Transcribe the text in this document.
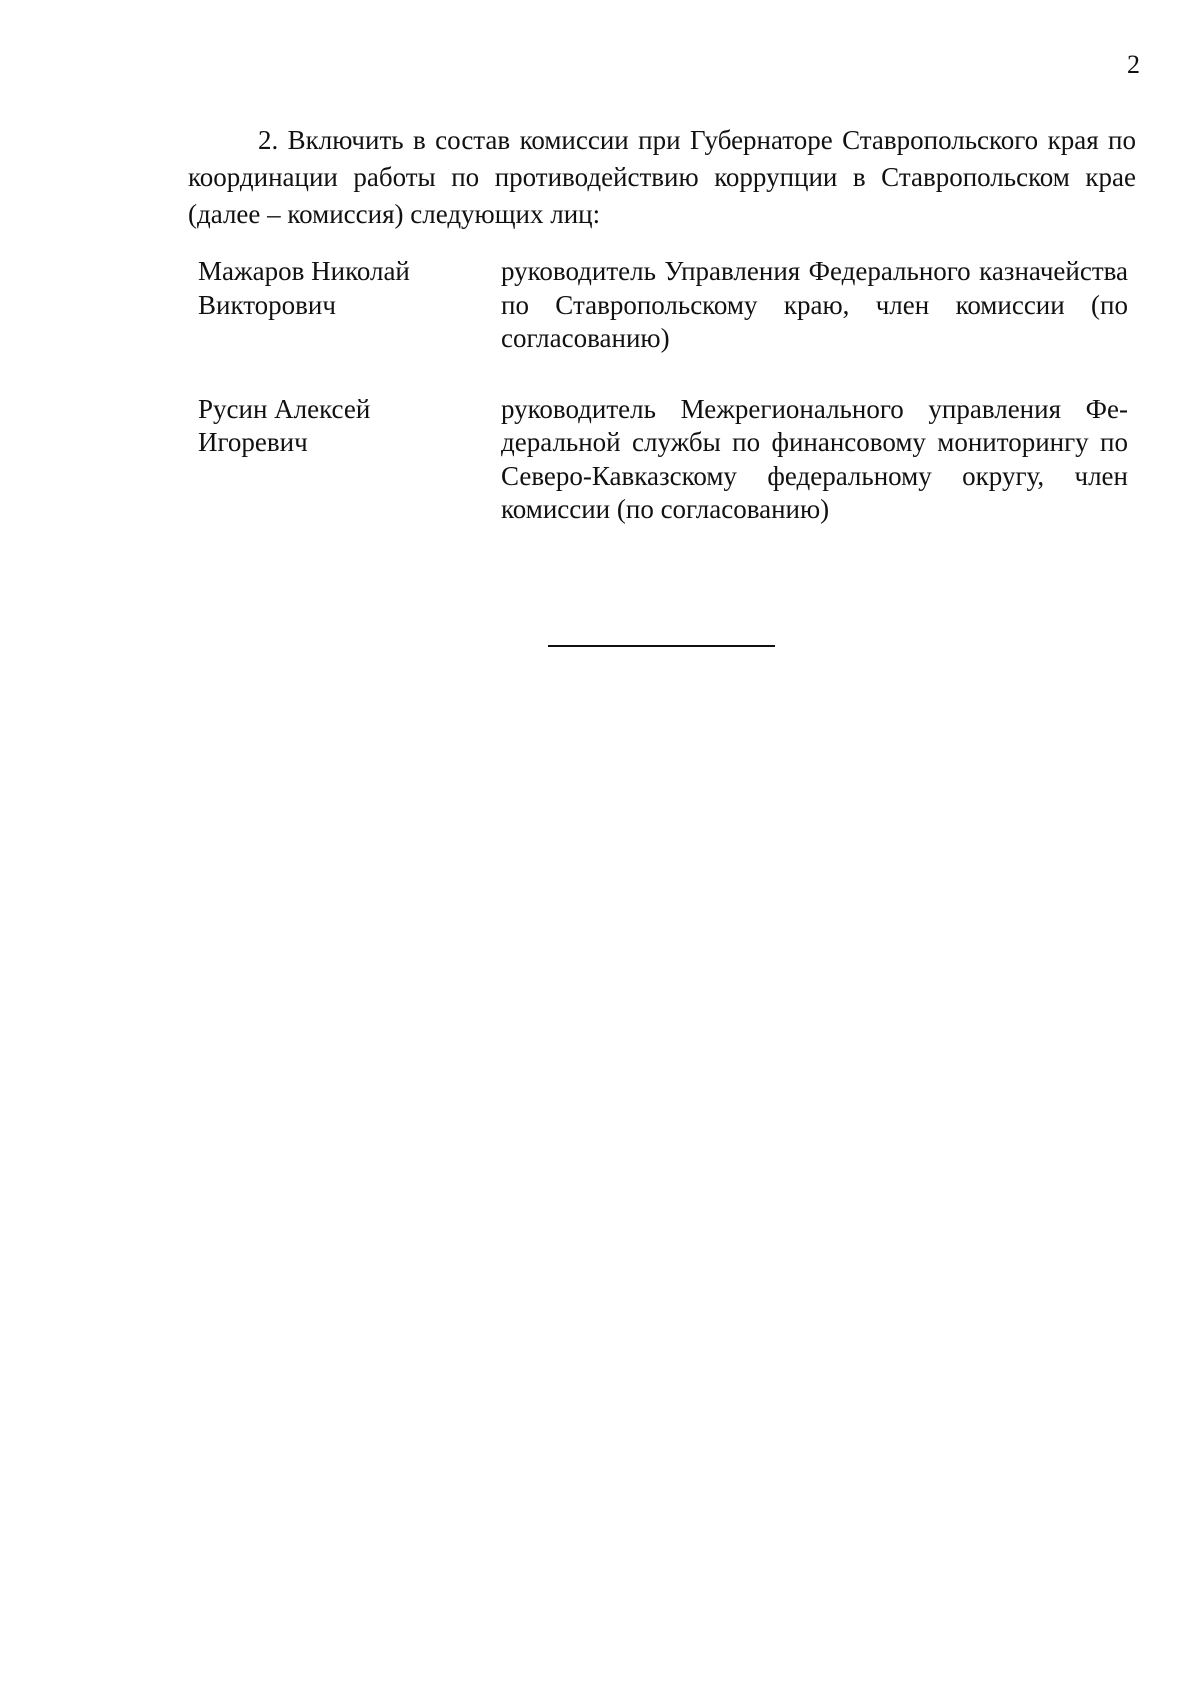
2

2. Включить в состав комиссии при Губернаторе Ставропольского края по координации работы по противодействию коррупции в Ставропольском крае (далее – комиссия) следующих лиц:

Мажаров Николай
Викторович
руководитель Управления Федерального казначейства по Ставропольскому краю, член комиссии (по согласованию)
Русин Алексей
Игоревич
руководитель Межрегионального управления Федеральной службы по финансовому мониторингу по Северо-Кавказскому федеральному округу, член комиссии (по согласованию)
